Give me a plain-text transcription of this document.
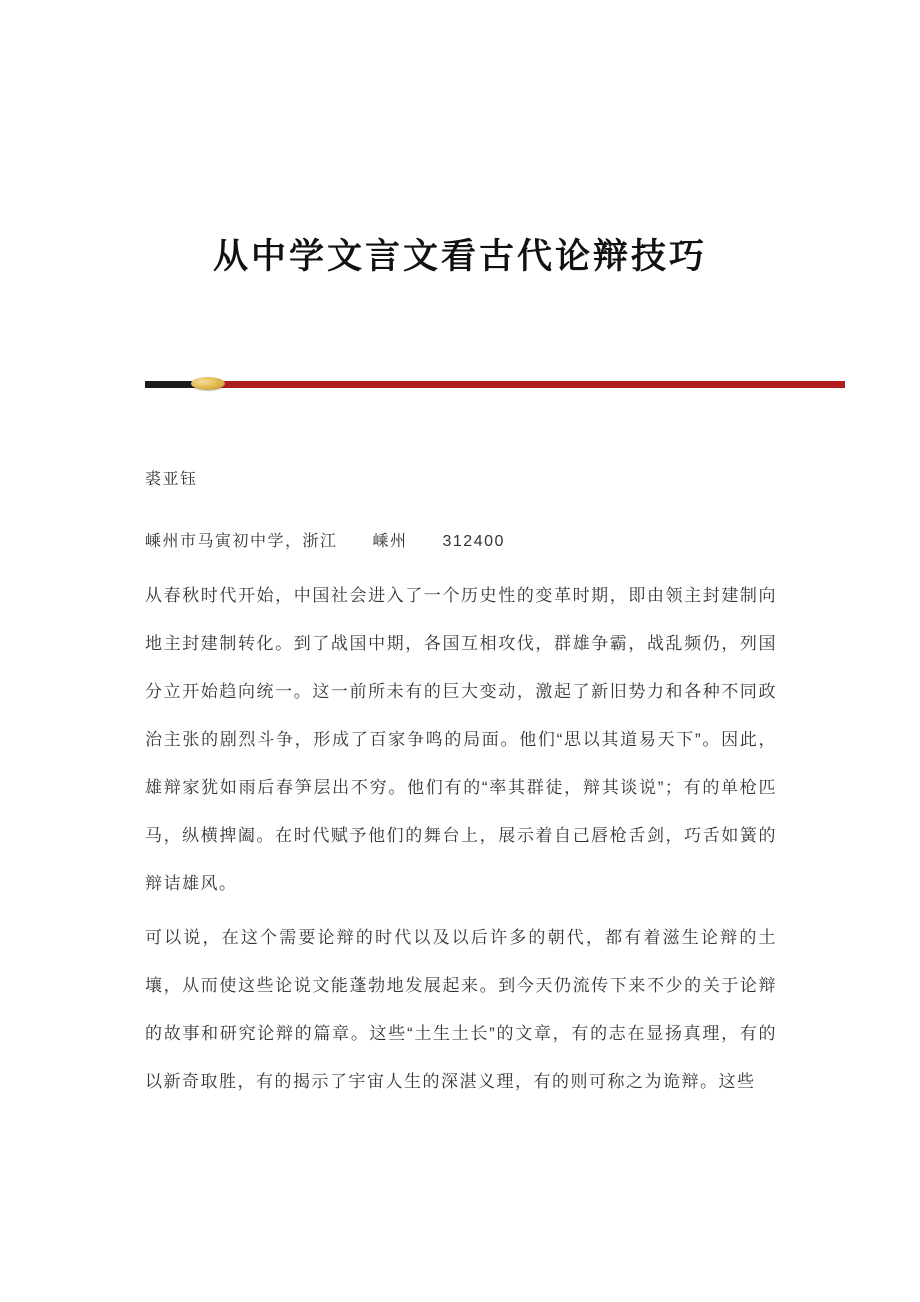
从中学文言文看古代论辩技巧
裘亚钰
嵊州市马寅初中学，浙江　　嵊州　　312400

从春秋时代开始，中国社会进入了一个历史性的变革时期，即由领主封建制向地主封建制转化。到了战国中期，各国互相攻伐，群雄争霸，战乱频仍，列国分立开始趋向统一。这一前所未有的巨大变动，激起了新旧势力和各种不同政治主张的剧烈斗争，形成了百家争鸣的局面。他们“思以其道易天下”。因此，雄辩家犹如雨后春笋层出不穷。他们有的“率其群徒，辩其谈说”；有的单枪匹马，纵横捭阖。在时代赋予他们的舞台上，展示着自己唇枪舌剑，巧舌如簧的辩诘雄风。

可以说，在这个需要论辩的时代以及以后许多的朝代，都有着滋生论辩的土壤，从而使这些论说文能蓬勃地发展起来。到今天仍流传下来不少的关于论辩的故事和研究论辩的篇章。这些“土生土长”的文章，有的志在显扬真理，有的以新奇取胜，有的揭示了宇宙人生的深湛义理，有的则可称之为诡辩。这些
